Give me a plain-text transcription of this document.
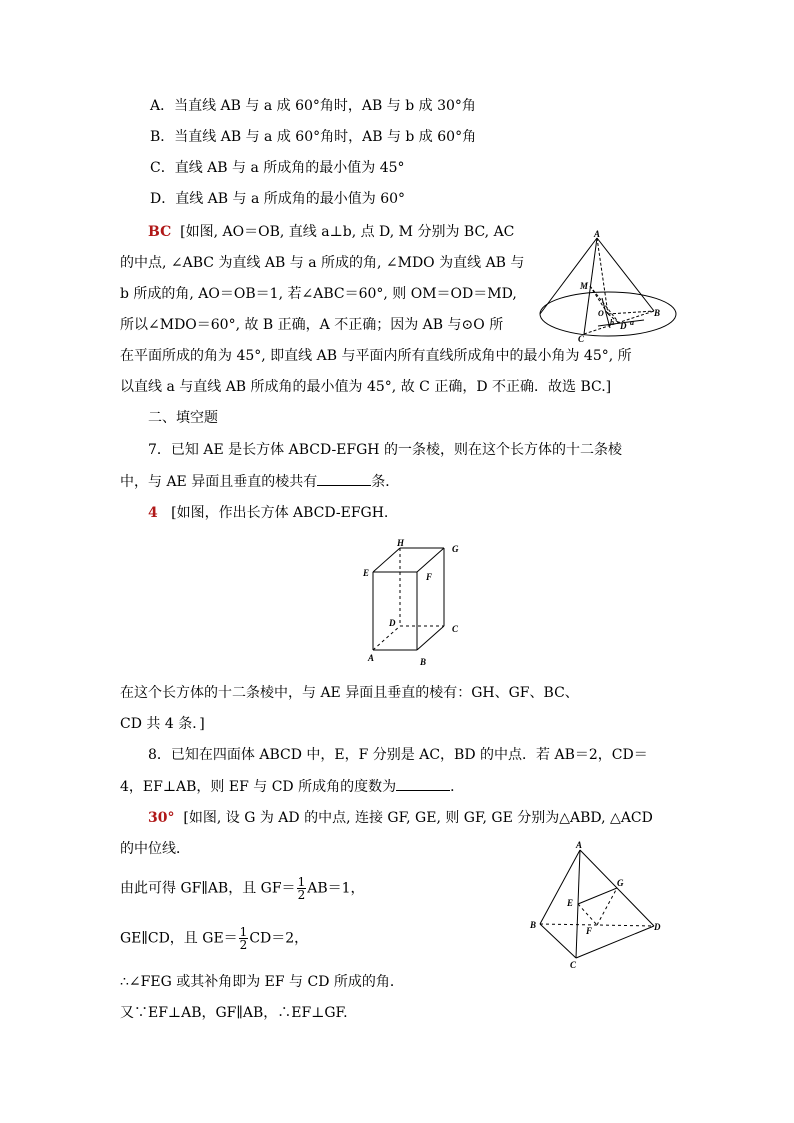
A．当直线 AB 与 a 成 60°角时，AB 与 b 成 30°角
B．当直线 AB 与 a 成 60°角时，AB 与 b 成 60°角
C．直线 AB 与 a 所成角的最小值为 45°
D．直线 AB 与 a 所成角的最小值为 60°
BC [如图, AO＝OB, 直线 a⊥b, 点 D, M 分别为 BC, AC
的中点, ∠ABC 为直线 AB 与 a 所成的角, ∠MDO 为直线 AB 与
b 所成的角, AO＝OB＝1, 若∠ABC＝60°, 则 OM＝OD＝MD,
所以∠MDO＝60°, 故 B 正确，A 不正确；因为 AB 与⊙O 所
在平面所成的角为 45°, 即直线 AB 与平面内所有直线所成角中的最小角为 45°, 所
以直线 a 与直线 AB 所成角的最小值为 45°, 故 C 正确，D 不正确．故选 BC.]
A
M
O
b a
D
B
C
二、填空题
7．已知 AE 是长方体 ABCD-EFGH 的一条棱，则在这个长方体的十二条棱
中，与 AE 异面且垂直的棱共有	条．
4 [如图，作出长方体 ABCD-EFGH.
H
G
E	F
D
C
A	B
在这个长方体的十二条棱中，与 AE 异面且垂直的棱有：GH、GF、BC、
CD 共 4 条．]
8．已知在四面体 ABCD 中，E，F 分别是 AC，BD 的中点．若 AB＝2，CD＝
4，EF⊥AB，则 EF 与 CD 所成角的度数为	．
30° [如图, 设 G 为 AD 的中点, 连接 GF, GE, 则 GF, GE 分别为△ABD, △ACD
的中位线．
由此可得 GF∥AB，且 $GF= \frac{1}{2} AB=1$，
GE∥CD，且 $GE= \frac{1}{2} CD=2$，
∴∠FEG 或其补角即为 EF 与 CD 所成的角．
又∵EF⊥AB，GF∥AB，∴EF⊥GF.
A
G
E
B
F	D
C
